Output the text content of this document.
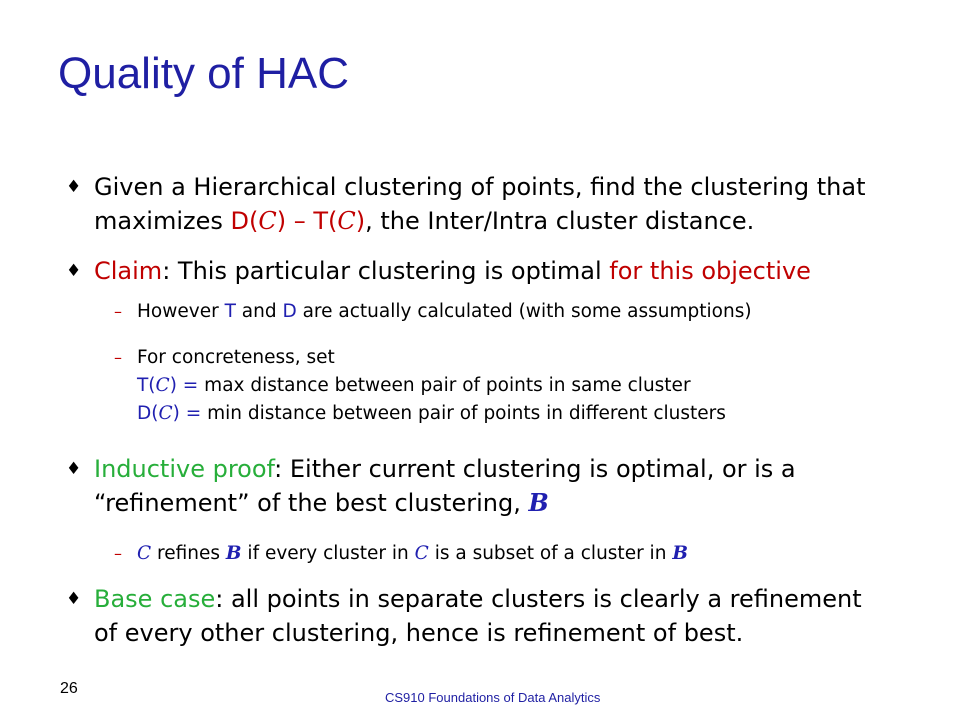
Quality of HAC
♦ Given a Hierarchical clustering of points, find the clustering that
maximizes D(C) – T(C), the Inter/Intra cluster distance.
♦ Claim: This particular clustering is optimal for this objective
– However T and D are actually calculated (with some assumptions)
– For concreteness, set
T(C) = max distance between pair of points in same cluster
D(C) = min distance between pair of points in different clusters
♦ Inductive proof: Either current clustering is optimal, or is a
“refinement” of the best clustering, B
– C refines B if every cluster in C is a subset of a cluster in B
♦ Base case: all points in separate clusters is clearly a refinement
of every other clustering, hence is refinement of best.
26
CS910 Foundations of Data Analytics
